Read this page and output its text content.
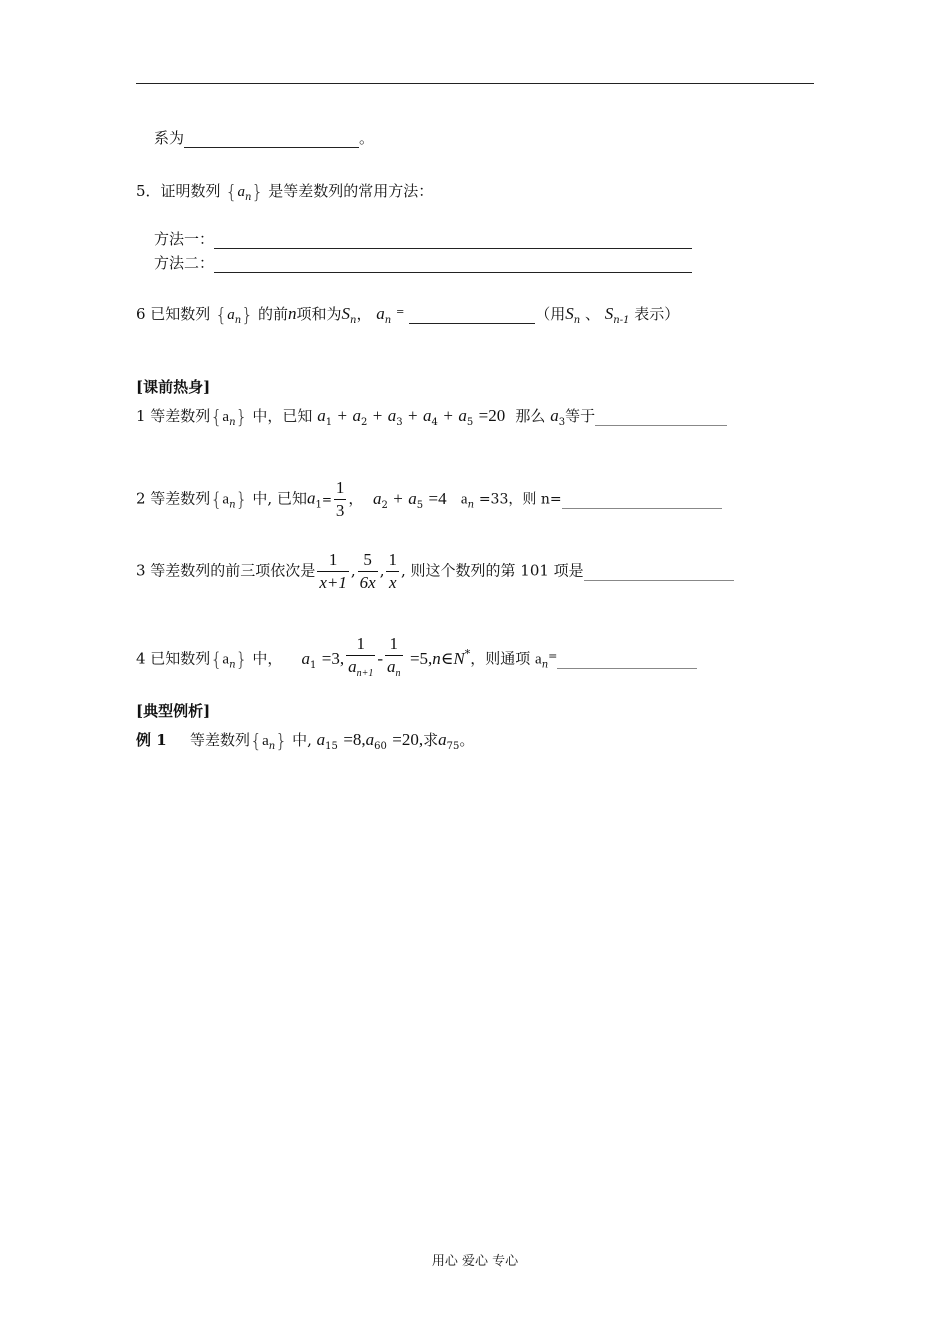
系为	。
5．证明数列 $\{a_n\}$ 是等差数列的常用方法：
方法一：
方法二：
6 已知数列 $\{a_n\}$ 的前n项和为$S_n$， $a_n$ =	（用$S_n$ 、 $S_{n-1}$ 表示）
[课前热身]
1 等差数列$\{a_n\}$ 中，已知 $a_1 + a_2 + a_3 + a_4 + a_5 =20$ 那么 $a_3$等于
2 等差数列$\{a_n\}$ 中, 已知$a_1= \frac{1}{3}$ ， $a_2 + a_5 =4$ $a_n =33$，则 n=
3 等差数列的前三项依次是 $\frac{1}{x+1}$ , $\frac{5}{6x}$ , $\frac{1}{x}$ , 则这个数列的第 101 项是
4 已知数列$\{a_n\}$ 中， $a_1 =3$, $\frac{1}{a_{n+1}} - \frac{1}{a_n}$ =5,n∈N*，则通项 $a_n^=$
[典型例析]
例 1 等差数列$\{a_n\}$ 中, $a_{15} =8,a_{60} =20$,求$a_{75}$。
用心 爱心 专心
